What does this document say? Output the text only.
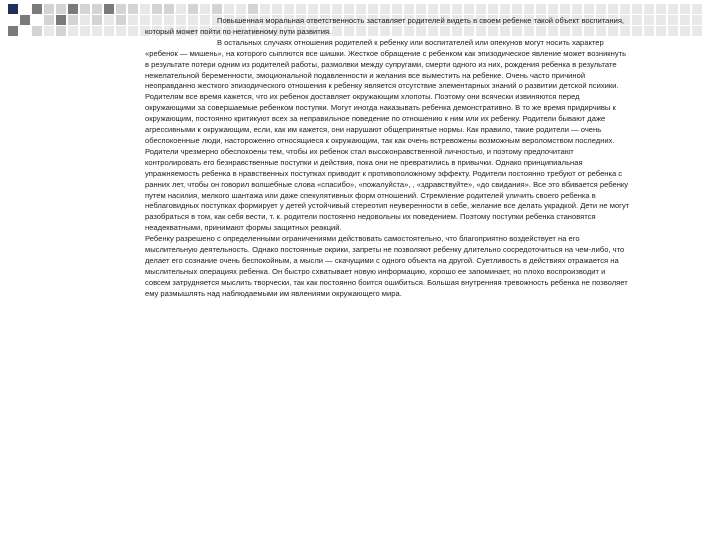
Повышенная моральная ответственность заставляет родителей видеть в своем ребенке такой объект воспитания, который может пойти по негативному пути развития.

В остальных случаях отношения родителей к ребенку или воспитателей или опекунов могут носить характер «ребенок — мишень», на которого сыплются все шишки. Жесткое обращение с ребенком как эпизодическое явление может возникнуть в результате потери одним из родителей работы, размолвки между супругами, смерти одного из них, рождения ребенка в результате нежелательной беременности, эмоциональной подавленности и желания все выместить на ребенке. Очень часто причиной неоправданно жесткого эпизодического отношения к ребенку является отсутствие элементарных знаний о развитии детской психики.

Родителям все время кажется, что их ребенок доставляет окружающим хлопоты. Поэтому они всячески извиняются перед окружающими за совершаемые ребенком поступки. Могут иногда наказывать ребенка демонстративно. В то же время придирчивы к окружающим, постоянно критикуют всех за неправильное поведение по отношению к ним или их ребенку. Родители бывают даже агрессивными к окружающим, если, как им кажется, они нарушают общепринятые нормы. Как правило, такие родители — очень обеспокоенные люди, настороженно относящиеся к окружающим, так как очень встревожены возможным вероломством последних.

Родители чрезмерно обеспокоены тем, чтобы их ребенок стал высоконравственной личностью, и поэтому предпочитают контролировать его безнравственные поступки и действия, пока они не превратились в привычки. Однако принципиальная упражняемость ребенка в нравственных поступках приводит к противоположному эффекту. Родители постоянно требуют от ребенка с ранних лет, чтобы он говорил волшебные слова «спасибо», «пожалуйста», , «здравствуйте», «до свидания». Все это вбивается ребенку путем насилия, мелкого шантажа или даже спекулятивных форм отношений. Стремление родителей уличить своего ребенка в неблаговидных поступках формирует у детей устойчивый стереотип неуверенности в себе, желание все делать украдкой. Дети не могут разобраться в том, как себя вести, т. к. родители постоянно недовольны их поведением. Поэтому поступки ребенка становятся неадекватными, принимают формы защитных реакций.

Ребенку разрешено с определенными ограничениями действовать самостоятельно, что благоприятно воздействует на его мыслительную деятельность. Однако постоянные окрики, запреты не позволяют ребенку длительно сосредоточиться на чем-либо, что делает его сознание очень беспокойным, а мысли — скачущими с одного объекта на другой. Суетливость в действиях отражается на мыслительных операциях ребенка. Он быстро схватывает новую информацию, хорошо ее запоминает, но плохо воспроизводит и совсем затрудняется мыслить творчески, так как постоянно боится ошибиться. Большая внутренняя тревожность ребенка не позволяет ему размышлять над наблюдаемыми им явлениями окружающего мира.
